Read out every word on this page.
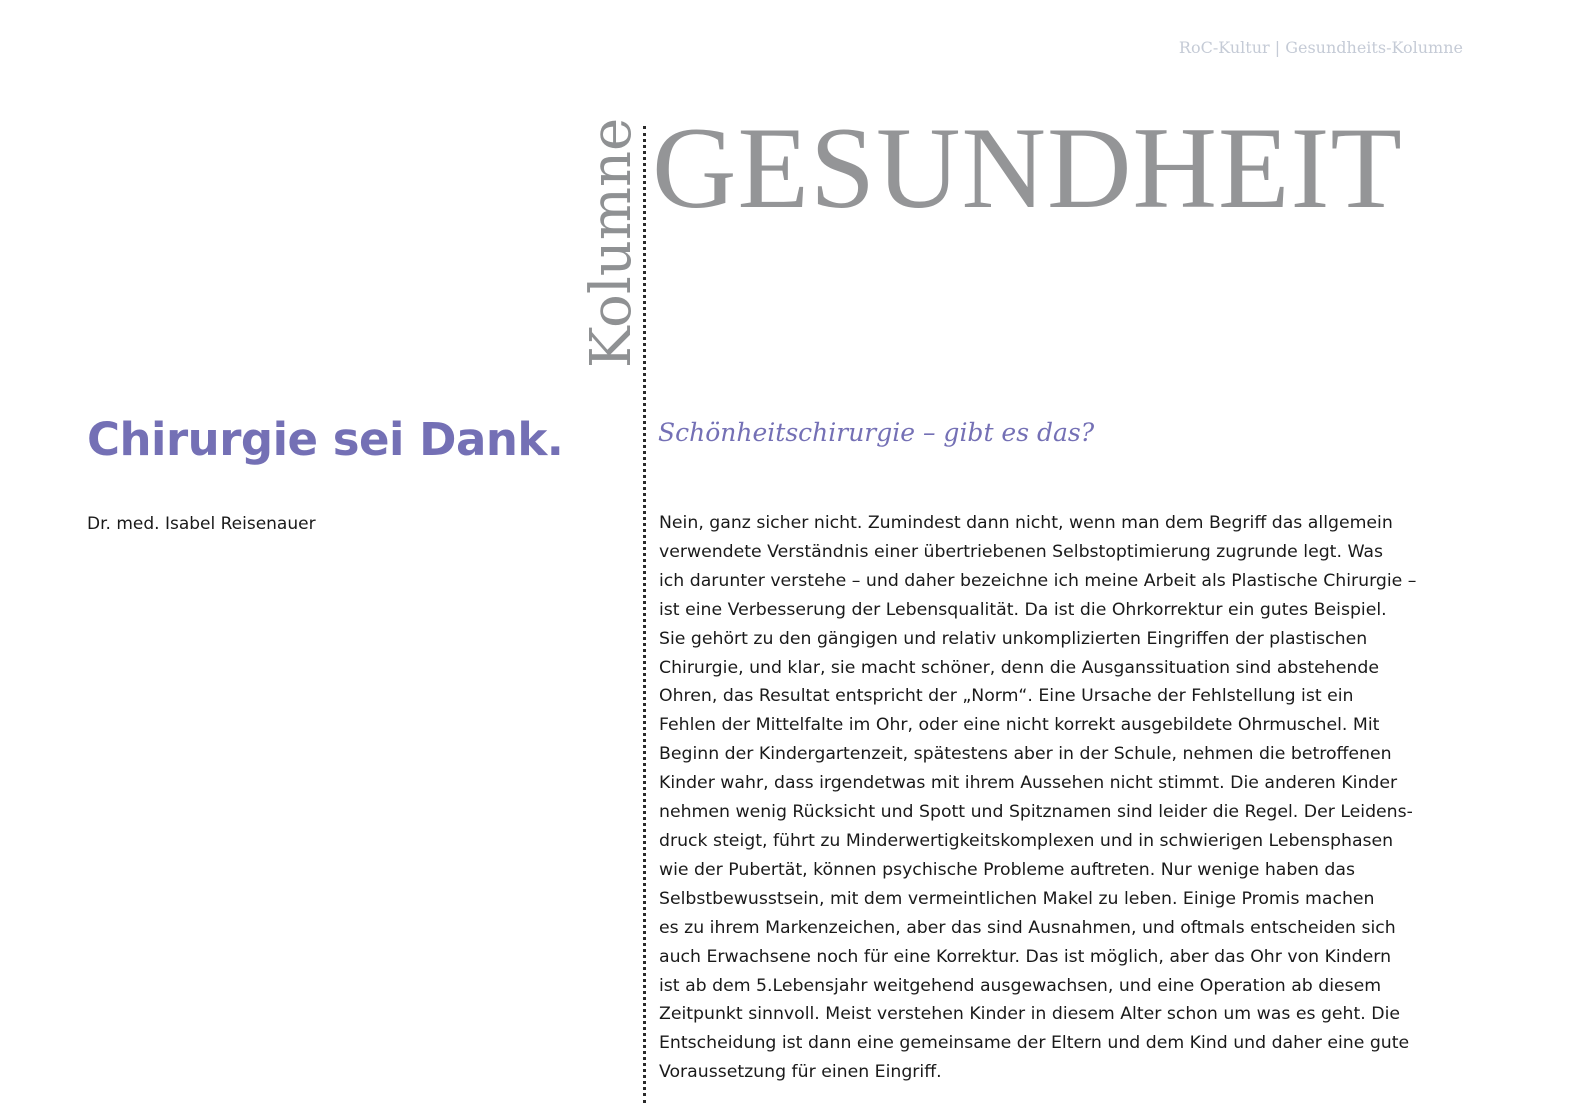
RoC-Kultur | Gesundheits-Kolumne
Kolumne GESUNDHEIT
Chirurgie sei Dank.
Dr. med. Isabel Reisenauer
Schönheitschirurgie – gibt es das?
Nein, ganz sicher nicht. Zumindest dann nicht, wenn man dem Begriff das allgemein
verwendete Verständnis einer übertriebenen Selbstoptimierung zugrunde legt. Was
ich darunter verstehe – und daher bezeichne ich meine Arbeit als Plastische Chirurgie –
ist eine Verbesserung der Lebensqualität. Da ist die Ohrkorrektur ein gutes Beispiel.
Sie gehört zu den gängigen und relativ unkomplizierten Eingriffen der plastischen
Chirurgie, und klar, sie macht schöner, denn die Ausganssituation sind abstehende
Ohren, das Resultat entspricht der „Norm“. Eine Ursache der Fehlstellung ist ein
Fehlen der Mittelfalte im Ohr, oder eine nicht korrekt ausgebildete Ohrmuschel. Mit
Beginn der Kindergartenzeit, spätestens aber in der Schule, nehmen die betroffenen
Kinder wahr, dass irgendetwas mit ihrem Aussehen nicht stimmt. Die anderen Kinder
nehmen wenig Rücksicht und Spott und Spitznamen sind leider die Regel. Der Leidens-
druck steigt, führt zu Minderwertigkeitskomplexen und in schwierigen Lebensphasen
wie der Pubertät, können psychische Probleme auftreten. Nur wenige haben das
Selbstbewusstsein, mit dem vermeintlichen Makel zu leben. Einige Promis machen
es zu ihrem Markenzeichen, aber das sind Ausnahmen, und oftmals entscheiden sich
auch Erwachsene noch für eine Korrektur. Das ist möglich, aber das Ohr von Kindern
ist ab dem 5.Lebensjahr weitgehend ausgewachsen, und eine Operation ab diesem
Zeitpunkt sinnvoll. Meist verstehen Kinder in diesem Alter schon um was es geht. Die
Entscheidung ist dann eine gemeinsame der Eltern und dem Kind und daher eine gute
Voraussetzung für einen Eingriff.
